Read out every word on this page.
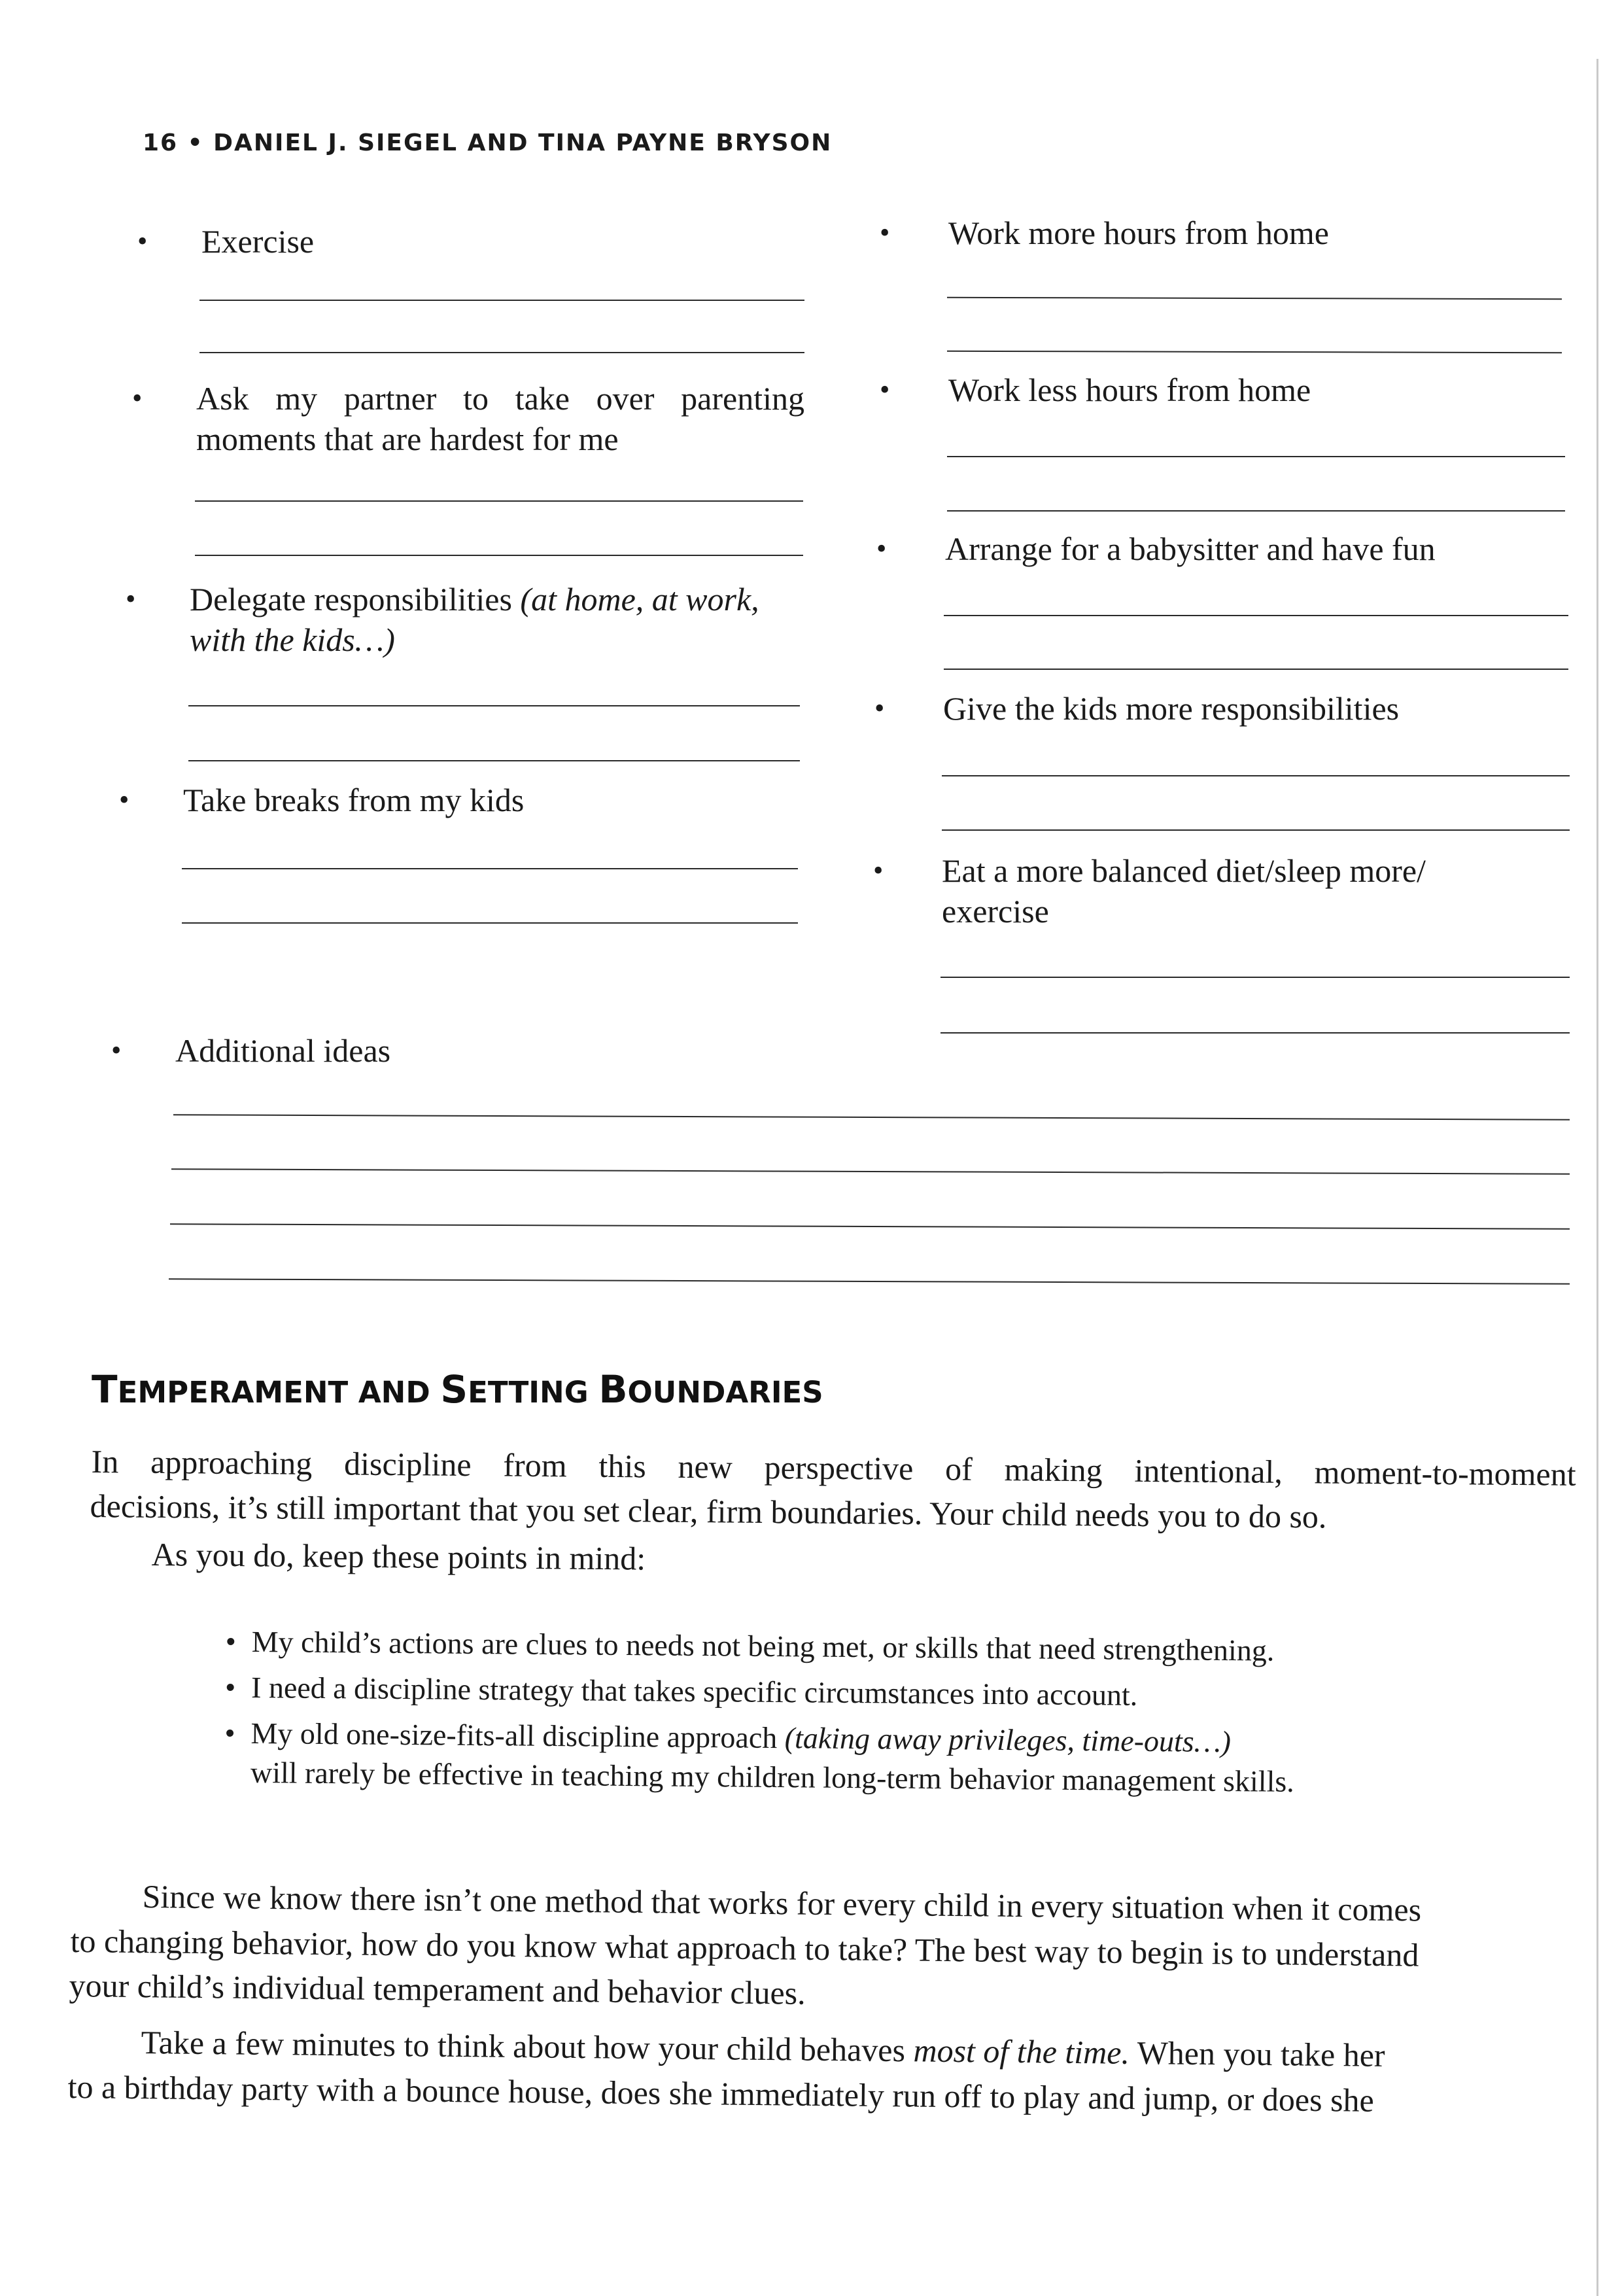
16 • DANIEL J. SIEGEL AND TINA PAYNE BRYSON
• Exercise
• Ask my partner to take over parenting moments that are hardest for me
• Delegate responsibilities (at home, at work, with the kids…)
• Take breaks from my kids
• Work more hours from home
• Work less hours from home
• Arrange for a babysitter and have fun
• Give the kids more responsibilities
• Eat a more balanced diet/sleep more/ exercise
• Additional ideas
TEMPERAMENT AND SETTING BOUNDARIES
In approaching discipline from this new perspective of making intentional, moment-to-moment
decisions, it’s still important that you set clear, firm boundaries. Your child needs you to do so.
As you do, keep these points in mind:
• My child’s actions are clues to needs not being met, or skills that need strengthening.
• I need a discipline strategy that takes specific circumstances into account.
• My old one-size-fits-all discipline approach (taking away privileges, time-outs…)
will rarely be effective in teaching my children long-term behavior management skills.
Since we know there isn’t one method that works for every child in every situation when it comes
to changing behavior, how do you know what approach to take? The best way to begin is to understand
your child’s individual temperament and behavior clues.
Take a few minutes to think about how your child behaves most of the time. When you take her
to a birthday party with a bounce house, does she immediately run off to play and jump, or does she
